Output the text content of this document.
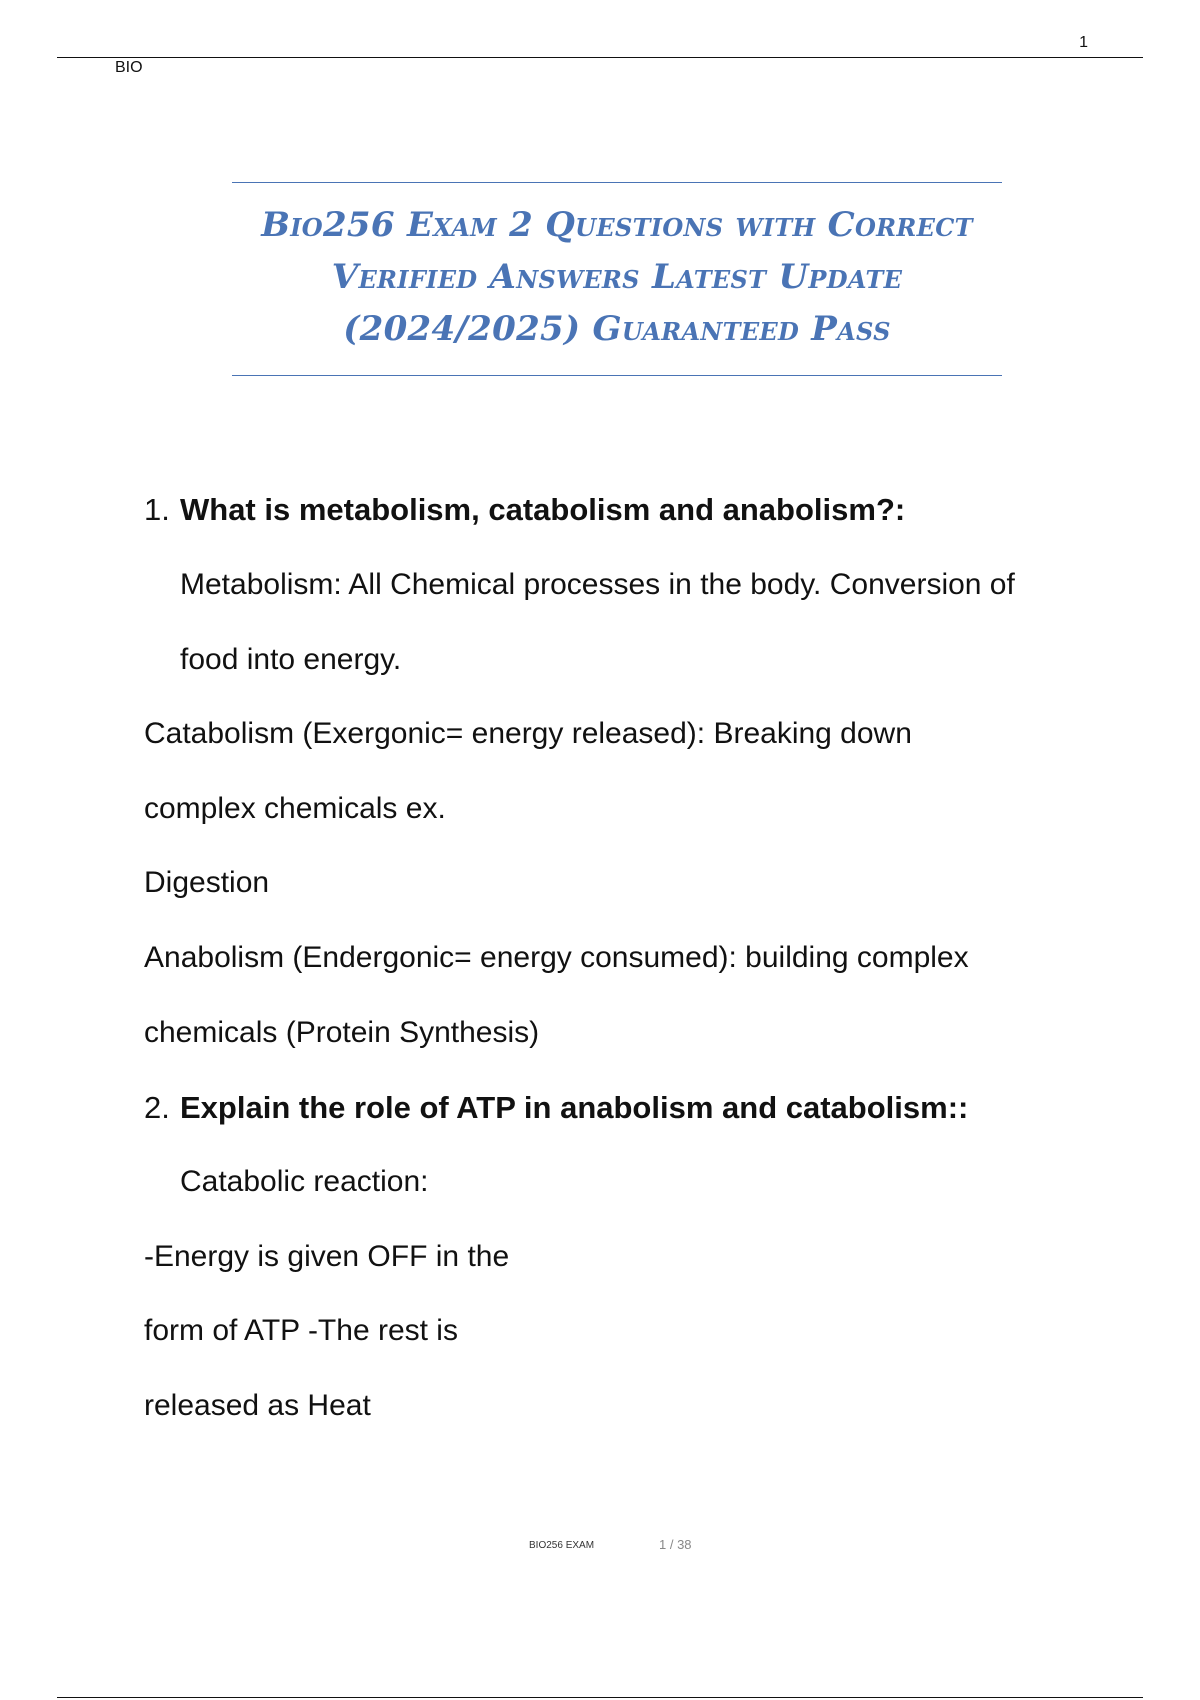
1
BIO

Bio256 Exam 2 Questions with Correct
Verified Answers Latest Update
(2024/2025) Guaranteed Pass

1. What is metabolism, catabolism and anabolism?:
Metabolism: All Chemical processes in the body. Conversion of
food into energy.
Catabolism (Exergonic= energy released): Breaking down
complex chemicals ex.
Digestion
Anabolism (Endergonic= energy consumed): building complex
chemicals (Protein Synthesis)
2. Explain the role of ATP in anabolism and catabolism::
Catabolic reaction:
-Energy is given OFF in the
form of ATP -The rest is
released as Heat
BIO256 EXAM	1 / 38
